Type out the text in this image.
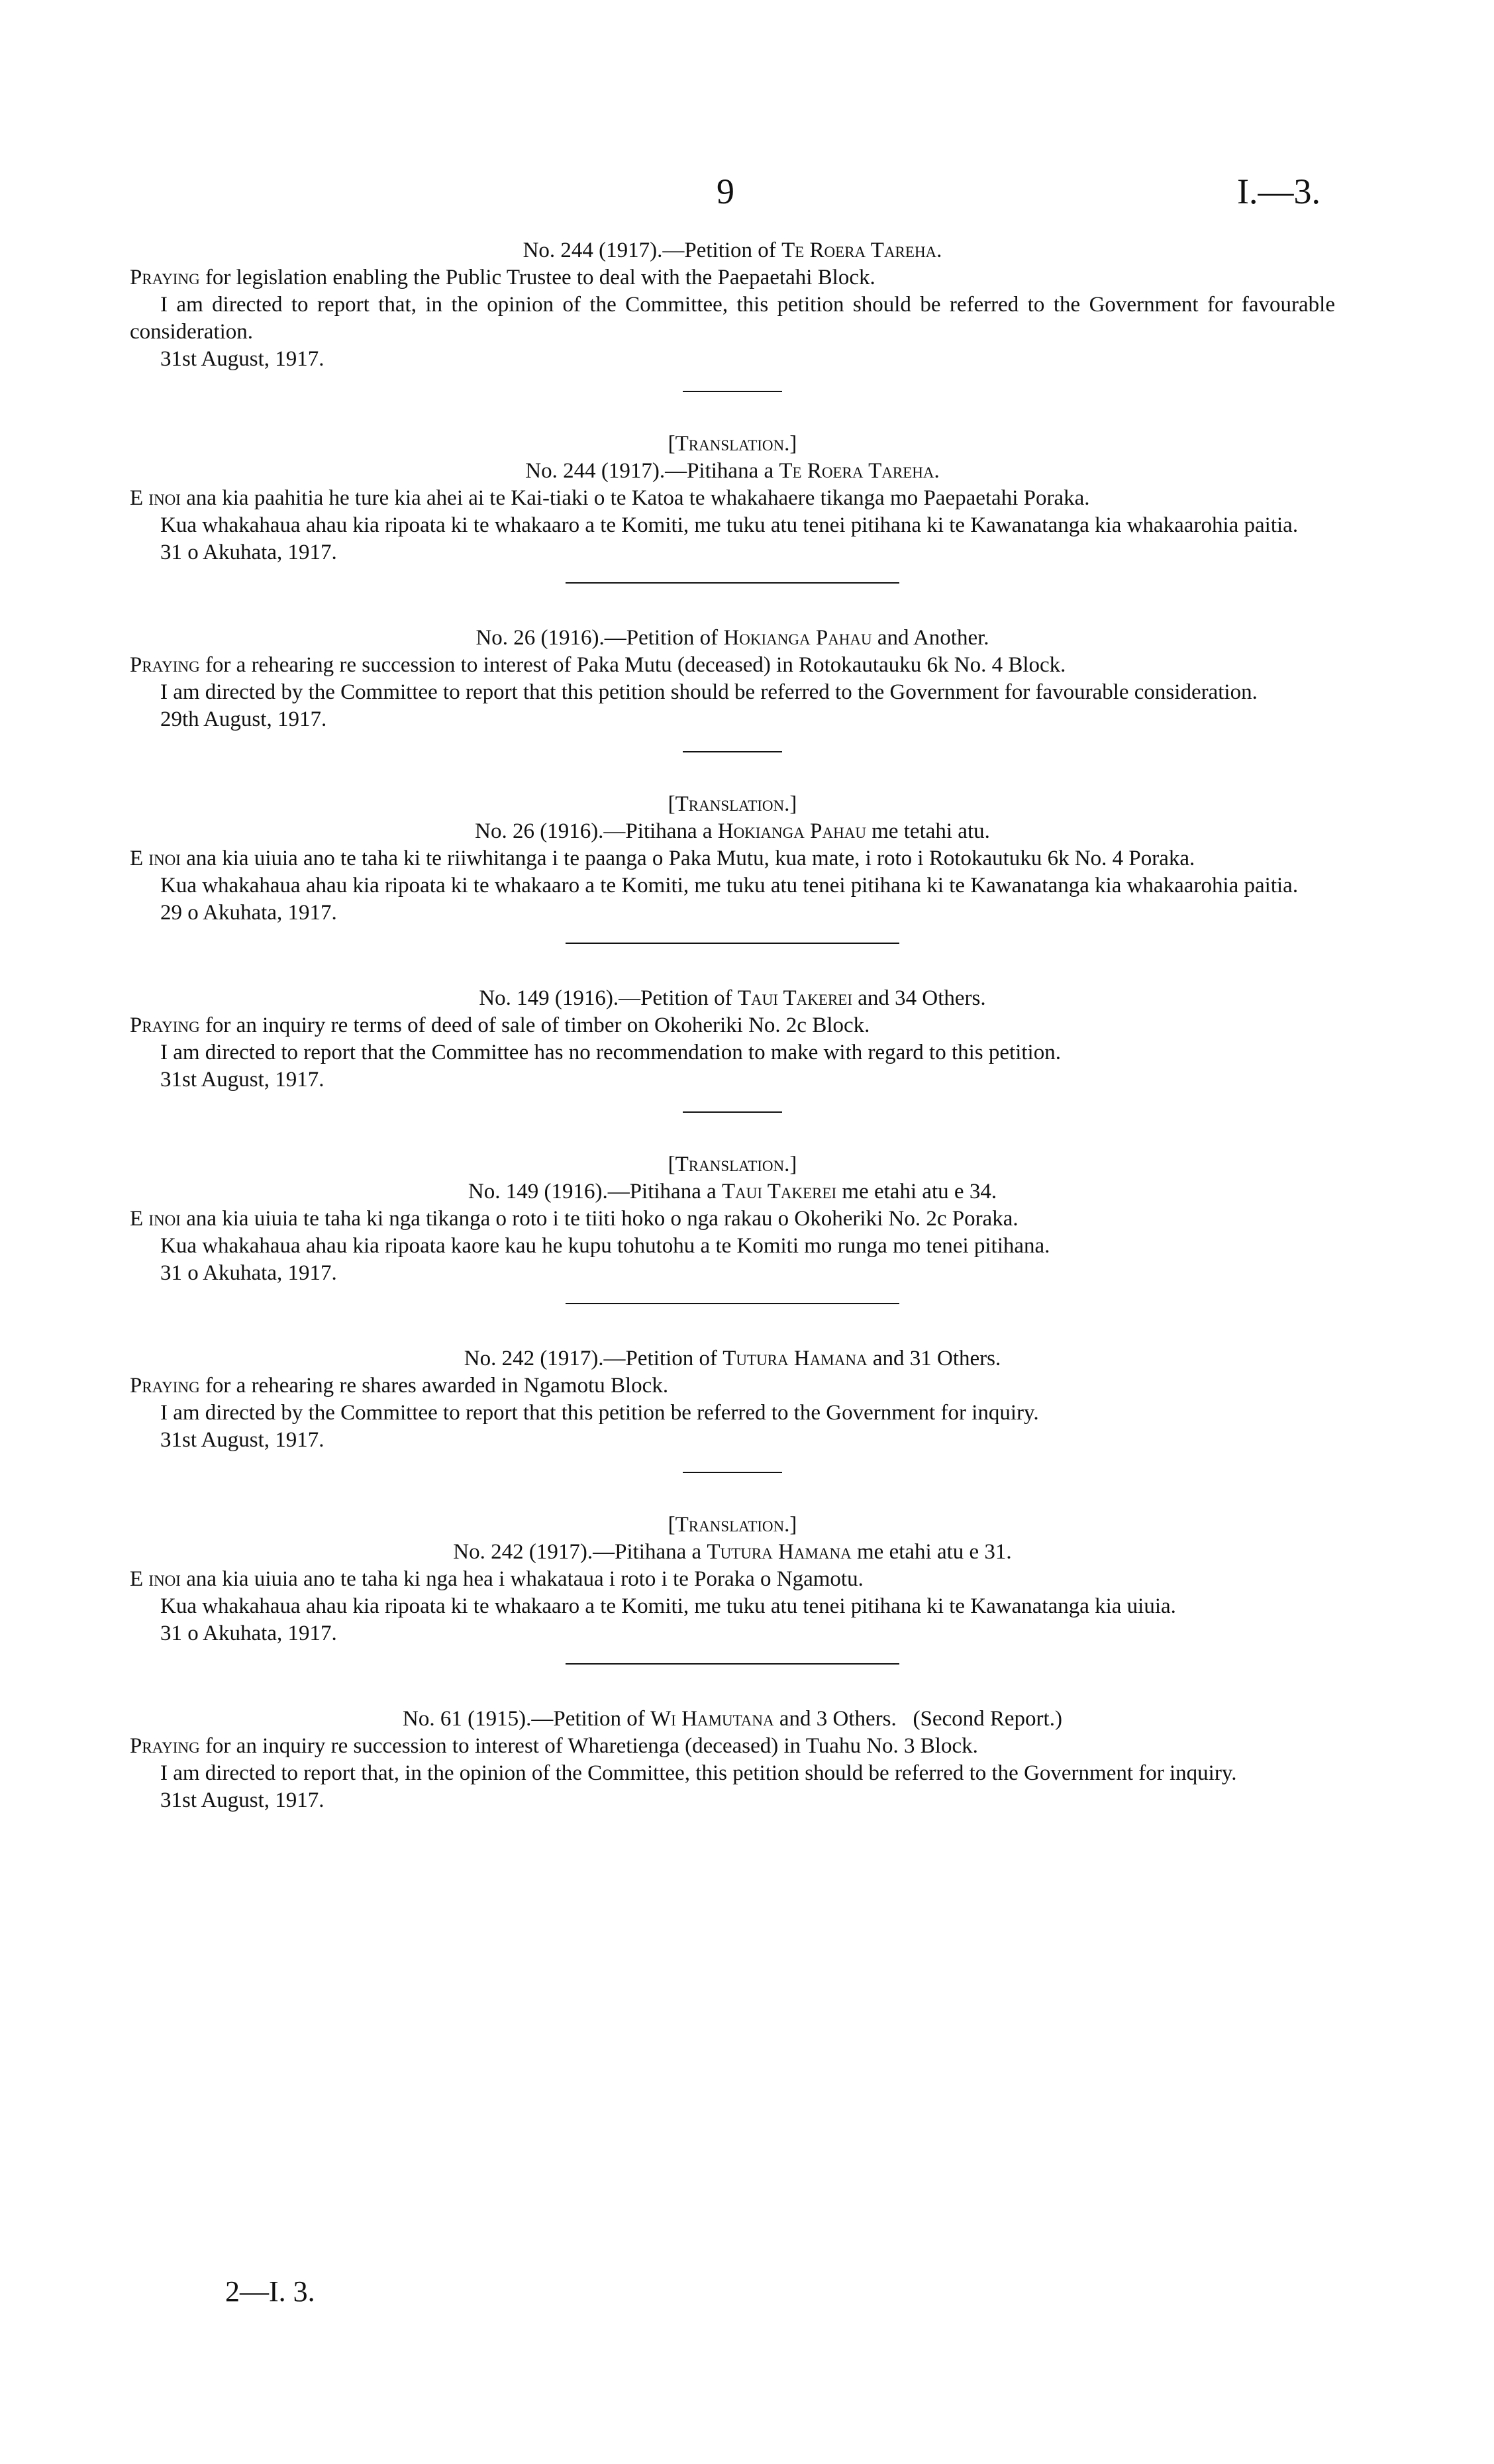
9	I.—3.
No. 244 (1917).—Petition of Te Roera Tareha.

Praying for legislation enabling the Public Trustee to deal with the Paepaetahi Block.

I am directed to report that, in the opinion of the Committee, this petition should be referred to the Government for favourable consideration.

31st August, 1917.
[Translation.]
No. 244 (1917).—Pitihana a Te Roera Tareha.

E inoi ana kia paahitia he ture kia ahei ai te Kai-tiaki o te Katoa te whakahaere tikanga mo Paepaetahi Poraka.

Kua whakahaua ahau kia ripoata ki te whakaaro a te Komiti, me tuku atu tenei pitihana ki te Kawanatanga kia whakaarohia paitia.

31 o Akuhata, 1917.
No. 26 (1916).—Petition of Hokianga Pahau and Another.

Praying for a rehearing re succession to interest of Paka Mutu (deceased) in Rotokautauku 6k No. 4 Block.

I am directed by the Committee to report that this petition should be referred to the Government for favourable consideration.

29th August, 1917.
[Translation.]
No. 26 (1916).—Pitihana a Hokianga Pahau me tetahi atu.

E inoi ana kia uiuia ano te taha ki te riiwhitanga i te paanga o Paka Mutu, kua mate, i roto i Rotokautuku 6k No. 4 Poraka.

Kua whakahaua ahau kia ripoata ki te whakaaro a te Komiti, me tuku atu tenei pitihana ki te Kawanatanga kia whakaarohia paitia.

29 o Akuhata, 1917.
No. 149 (1916).—Petition of Taui Takerei and 34 Others.

Praying for an inquiry re terms of deed of sale of timber on Okoheriki No. 2c Block.

I am directed to report that the Committee has no recommendation to make with regard to this petition.

31st August, 1917.
[Translation.]
No. 149 (1916).—Pitihana a Taui Takerei me etahi atu e 34.

E inoi ana kia uiuia te taha ki nga tikanga o roto i te tiiti hoko o nga rakau o Okoheriki No. 2c Poraka.

Kua whakahaua ahau kia ripoata kaore kau he kupu tohutohu a te Komiti mo runga mo tenei pitihana.

31 o Akuhata, 1917.
No. 242 (1917).—Petition of Tutura Hamana and 31 Others.

Praying for a rehearing re shares awarded in Ngamotu Block.

I am directed by the Committee to report that this petition be referred to the Government for inquiry.

31st August, 1917.
[Translation.]
No. 242 (1917).—Pitihana a Tutura Hamana me etahi atu e 31.

E inoi ana kia uiuia ano te taha ki nga hea i whakataua i roto i te Poraka o Ngamotu.

Kua whakahaua ahau kia ripoata ki te whakaaro a te Komiti, me tuku atu tenei pitihana ki te Kawanatanga kia uiuia.

31 o Akuhata, 1917.
No. 61 (1915).—Petition of Wi Hamutana and 3 Others.   (Second Report.)

Praying for an inquiry re succession to interest of Wharetienga (deceased) in Tuahu No. 3 Block.

I am directed to report that, in the opinion of the Committee, this petition should be referred to the Government for inquiry.

31st August, 1917.
2—I. 3.
